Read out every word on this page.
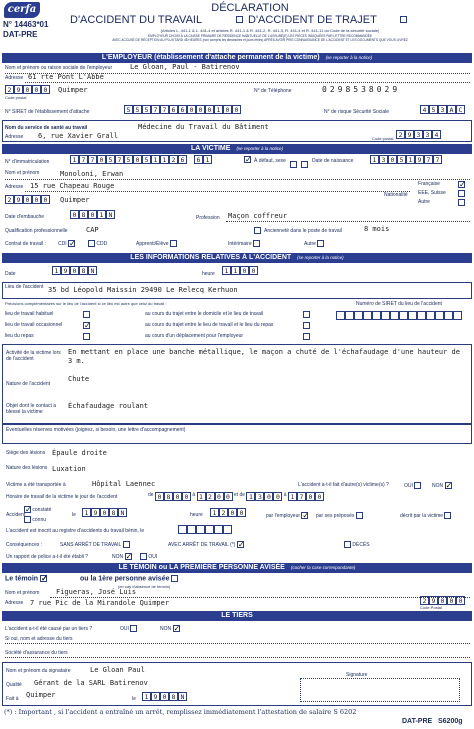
cerfa
N° 14463*01
DAT-PRE
DÉCLARATION
D'ACCIDENT DU TRAVAIL	D'ACCIDENT DE TRAJET
(Articles L. 441-1 & L. 441-4 et articles R. 441-1 & R. 441-2, R. 441-3, R. 441-4 et R. 441-11 du Code de la sécurité sociale)
EMPLOYEUR CHOISI À LA CAISSE PRIMAIRE DE RÉSIDENCE HABITUELLE DE L'ASSURÉ(E) LES PIÈCES INDIQUÉES PAR LETTRE RECOMMANDÉE
AVEC ACCUSÉ DE RÉCEPTION AU PLUS TARD 48 HEURES (non compris les dimanches et jours fériés) APRÈS AVOIR PRIS CONNAISSANCE DE L'ACCIDENT ET LES DOCUMENTS QUE VOUS LIVREZ
L'EMPLOYEUR (établissement d'attache permanent de la victime) (se reporter à la notice)
Nom et prénom ou raison sociale de l'employeur	Le Gloan, Paul - Batirenov
Adresse 61 rte Pont L'Abbé
2 9 0 0 0
Code postal
Quimper	N° de Téléphone	0298538029
N° SIRET de l'établissement d'attache	5 5 5 7 7 6 6 0 0 0 1 0 0	N° de risque Sécurité Sociale	4 5 3 A C
Nom du service de santé au travail	Médecine du Travail du Bâtiment
Adresse 6, rue Xavier Grall	Code postal 2 9 3 3 4
LA VICTIME (se reporter à la notice)
N° d'immatriculation	1 7 7 0 5 7 5 0 5 1 1 2 6	6 1	✓ À défaut, sexe
	Date de naissance	1 3 0 5 1 9 7 7
Nom et prénom	Monoloni, Erwan
Adresse 15 rue Chapeau Rouge
Nationalité
Française ✓
EEE, Suisse
Autre
2 9 0 0 0	Quimper
Date d'embauche	0 8 0 1 N	Profession Maçon coffreur
Qualification professionnelle	CAP	Ancienneté dans le poste de travail	8 mois
Contrat de travail : CDI ✓	CDD	Apprenti/Élève	Intérimaire	Autre
LES INFORMATIONS RELATIVES À L'ACCIDENT (se reporter à la notice)
Date	1 9 0 8 N	heure	1 1 0 0
Lieu de l'accident 35 bd Léopold Maissin 29490 Le Relecq Kerhuon
Précisions complémentaires sur le lieu de l'accident si ce lieu est autre que celui du travail :	Numéro de SIRET du lieu de l'accident
lieu de travail habituel
lieu de travail occasionnel	✓
lieu du repas
au cours du trajet entre le domicile et le lieu de travail
au cours du trajet entre le lieu de travail et le lieu du repas
au cours d'un déplacement pour l'employeur
Activité de la victime lors de l'accident
En mettant en place une banche métallique, le maçon a chuté de l'échafaudage d'une hauteur de 3 m.
Nature de l'accident
Chute
Objet dont le contact a blessé la victime
Échafaudage roulant
Éventuelles réserves motivées (joignez, si besoin, une lettre d'accompagnement)
Siège des lésions Épaule droite
Nature des lésions Luxation
Victime a été transportée à	Hôpital Laennec	L'accident a-t-il fait d'autre(s) victime(s) ?	OUI	NON ✓
Horaire de travail de la victime le jour de l'accident	de 0 8 0 0 à 1 2 0 0 et de 1 3 0 0 à 1 7 0 0
Accident
✓ constaté
connu
le	1 9 0 8 N	heure	1 2 0 0	par l'employeur ✓ par ses préposés	décrit par la victime
L'accident est inscrit au registre d'accidents du travail bénin, le
Conséquences :	SANS ARRÊT DE TRAVAIL	AVEC ARRÊT DE TRAVAIL (*) ✓	DÉCÈS
Un rapport de police a-t-il été établi ?	NON ✓	OUI
LE TÉMOIN ou LA PREMIÈRE PERSONNE AVISÉE (cocher la case correspondante)
Le témoin ✓	ou la 1ère personne avisée
(en cas d'absence de témoin)
Nom et prénom Figueras, José Luis
Adresse 7 rue Pic de la Mirandole Quimper	2 9 0 0 0
Code Postal
LE TIERS
L'accident a-t-il été causé par un tiers ?	OUI	NON ✓
Si oui, nom et adresse du tiers
Société d'assurance du tiers
Nom et prénom du signataire	Le Gloan Paul
Qualité Gérant de la SARL Batirenov
Fait à Quimper	le	1 9 0 8 N
Signature
(*) : Important , si l'accident a entraîné un arrêt, remplissez immédiatement l'attestation de salaire S 6202
DAT-PRE S6200g
